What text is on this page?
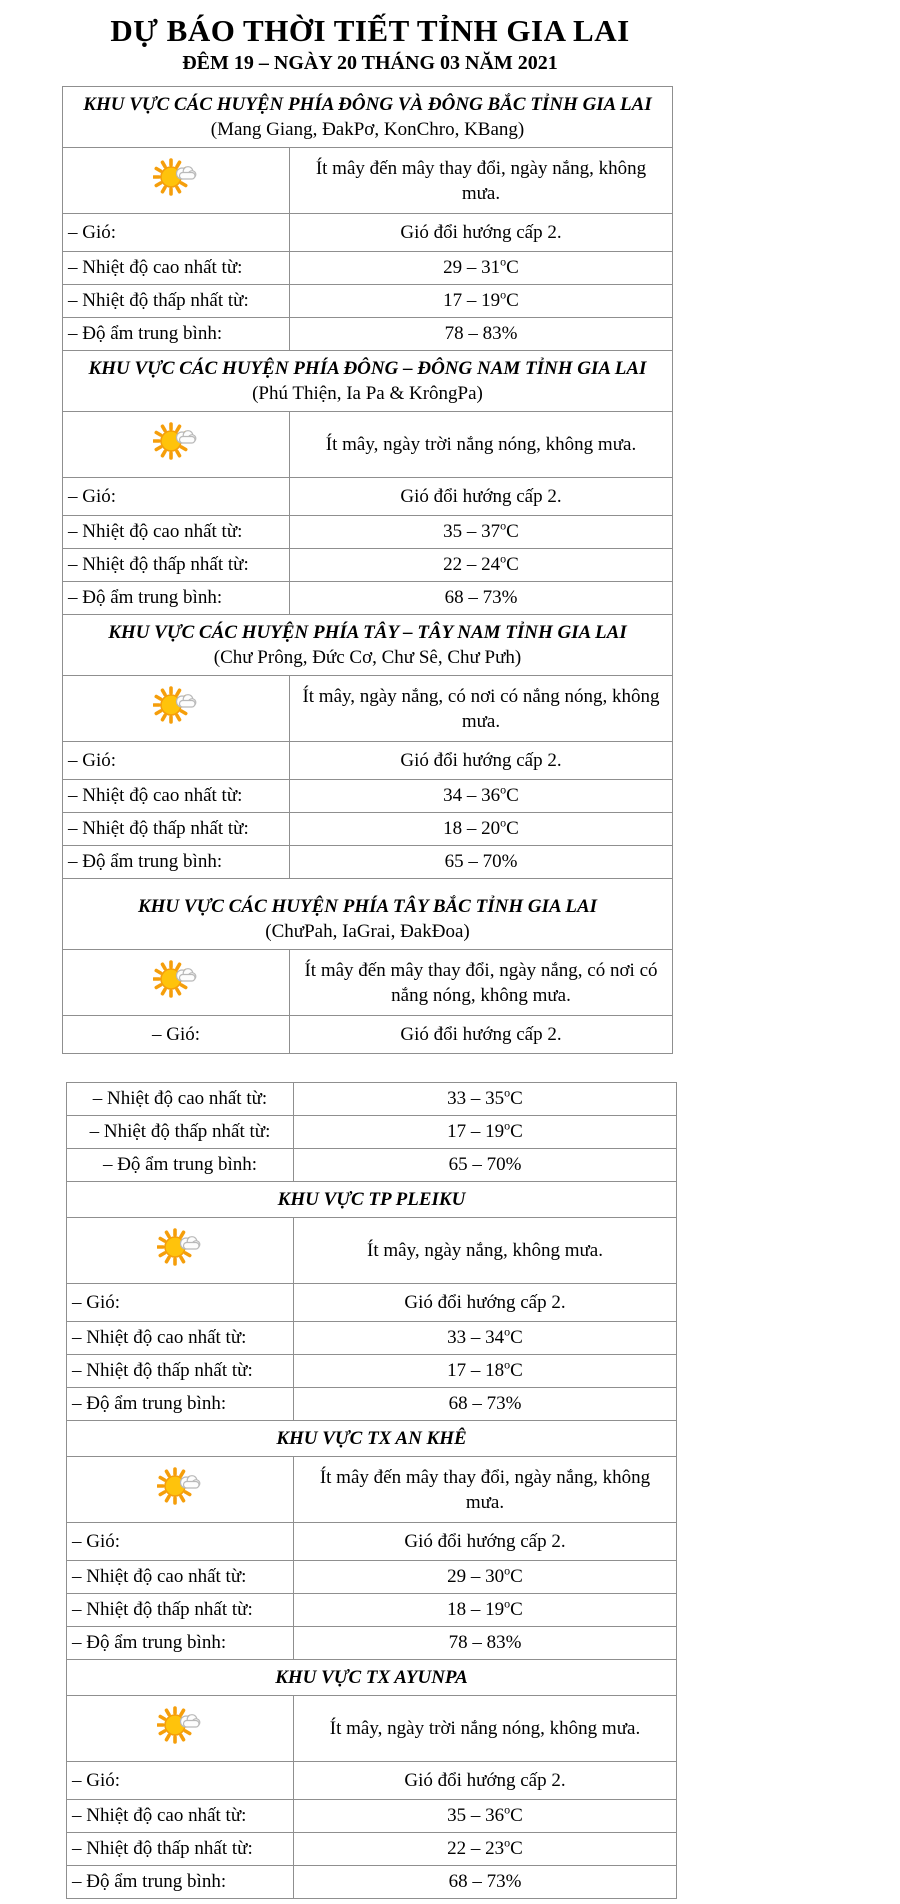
DỰ BÁO THỜI TIẾT TỈNH GIA LAI
ĐÊM 19 – NGÀY 20 THÁNG 03 NĂM 2021
KHU VỰC CÁC HUYỆN PHÍA ĐÔNG VÀ ĐÔNG BẮC TỈNH GIA LAI
(Mang Giang, ĐakPơ, KonChro, KBang)	

	Ít mây đến mây thay đổi, ngày nắng, không mưa.
– Gió:	Gió đổi hướng cấp 2.
– Nhiệt độ cao nhất từ:	29 – 31$^o$C
– Nhiệt độ thấp nhất từ:	17 – 19$^o$C
– Độ ẩm trung bình:	78 – 83%

KHU VỰC CÁC HUYỆN PHÍA ĐÔNG – ĐÔNG NAM TỈNH GIA LAI
(Phú Thiện, Ia Pa & KrôngPa)	

	Ít mây, ngày trời nắng nóng, không mưa.
– Gió:	Gió đổi hướng cấp 2.
– Nhiệt độ cao nhất từ:	35 – 37$^o$C
– Nhiệt độ thấp nhất từ:	22 – 24$^o$C
– Độ ẩm trung bình:	68 – 73%

KHU VỰC CÁC HUYỆN PHÍA TÂY – TÂY NAM TỈNH GIA LAI
(Chư Prông, Đức Cơ, Chư Sê, Chư Pưh)	

	Ít mây, ngày nắng, có nơi có nắng nóng, không mưa.
– Gió:	Gió đổi hướng cấp 2.
– Nhiệt độ cao nhất từ:	34 – 36$^o$C
– Nhiệt độ thấp nhất từ:	18 – 20$^o$C
– Độ ẩm trung bình:	65 – 70%

KHU VỰC CÁC HUYỆN PHÍA TÂY BẮC TỈNH GIA LAI
(ChưPah, IaGrai, ĐakĐoa)	

	Ít mây đến mây thay đổi, ngày nắng, có nơi có nắng nóng, không mưa.
– Gió:	Gió đổi hướng cấp 2.
– Nhiệt độ cao nhất từ:	33 – 35$^o$C
– Nhiệt độ thấp nhất từ:	17 – 19$^o$C
– Độ ẩm trung bình:	65 – 70%

KHU VỰC TP PLEIKU	

	Ít mây, ngày nắng, không mưa.
– Gió:	Gió đổi hướng cấp 2.
– Nhiệt độ cao nhất từ:	33 – 34$^o$C
– Nhiệt độ thấp nhất từ:	17 – 18$^o$C
– Độ ẩm trung bình:	68 – 73%

KHU VỰC TX AN KHÊ	

	Ít mây đến mây thay đổi, ngày nắng, không mưa.
– Gió:	Gió đổi hướng cấp 2.
– Nhiệt độ cao nhất từ:	29 – 30$^o$C
– Nhiệt độ thấp nhất từ:	18 – 19$^o$C
– Độ ẩm trung bình:	78 – 83%

KHU VỰC TX AYUNPA	

	Ít mây, ngày trời nắng nóng, không mưa.
– Gió:	Gió đổi hướng cấp 2.
– Nhiệt độ cao nhất từ:	35 – 36$^o$C
– Nhiệt độ thấp nhất từ:	22 – 23$^o$C
– Độ ẩm trung bình:	68 – 73%
